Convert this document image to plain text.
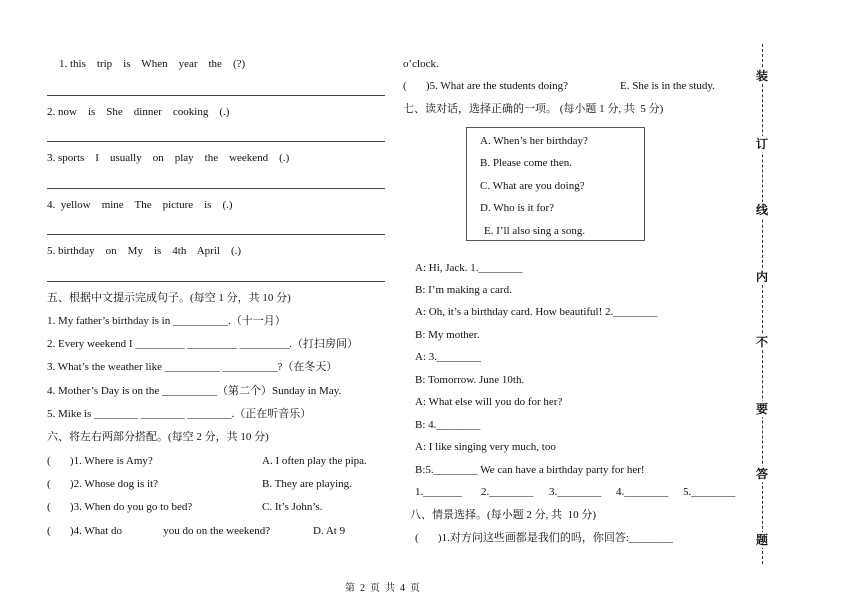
1. this    trip    is    When    year    the    (?)
2. now    is    She    dinner    cooking    (.)
3. sports    I    usually    on    play    the    weekend    (.)
4.  yellow    mine    The    picture    is    (.)
5. birthday    on    My    is    4th    April    (.)
五、根据中文提示完成句子。(每空 1 分，共 10 分)
1. My father’s birthday is in __________.（十一月）
2. Every weekend I _________ _________ _________.（打扫房间）
3. What’s the weather like __________ __________?（在冬天）
4. Mother’s Day is on the __________（第二个）Sunday in May.
5. Mike is ________ ________ ________.（正在听音乐）
六、将左右两部分搭配。(每空 2 分，共 10 分)
(       )1. Where is Amy?	A. I often play the pipa.
(       )2. Whose dog is it?	B. They are playing.
(       )3. When do you go to bed?	C. It’s John’s.
(       )4. What do               you do on the weekend?	D. At 9
o’clock.
(       )5. What are the students doing?	E. She is in the study.
七、读对话，选择正确的一项。 (每小题 1 分, 共  5 分)
A. When’s her birthday?
B. Please come then.
C. What are you doing?
D. Who is it for?
E. I’ll also sing a song.
A: Hi, Jack. 1.________
B: I’m making a card.
A: Oh, it’s a birthday card. How beautiful! 2.________
B: My mother.
A: 3.________
B: Tomorrow. June 10th.
A: What else will you do for her?
B: 4.________
A: I like singing very much, too
B:5.________ We can have a birthday party for her!
1._______ 2.________ 3.________ 4.________ 5.________
八、情景选择。(每小题 2 分, 共  10 分)
(       )1.对方问这些画都是我们的吗，你回答:________
装
订
线
内
不
要
答
题
第  2  页  共  4  页
